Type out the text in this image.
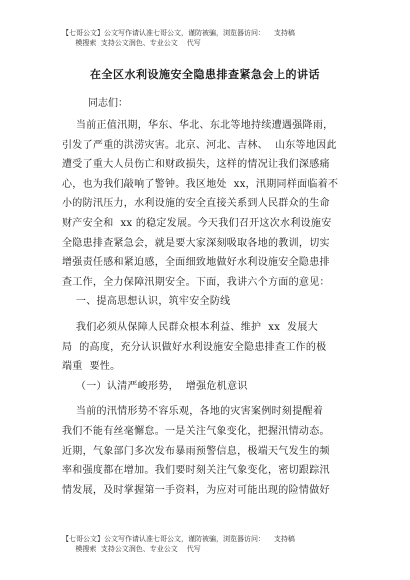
【七哥公文】公文写作请认准七哥公文，谨防被骗，浏览器访问：    支持稿
模搜索  支持公文润色、专业公文    代写
在全区水利设施安全隐患排查紧急会上的讲话
同志们：

当前正值汛期，华东、华北、东北等地持续遭遇强降雨，

引发了严重的洪涝灾害。北京、河北、吉林、  山东等地因此

遭受了重大人员伤亡和财政损失，这样的情况让我们深感痛

心，也为我们敲响了警钟。我区地处  xx，汛期同样面临着不

小的防汛压力，水利设施的安全直接关系到人民群众的生命

财产安全和  xx 的稳定发展。今天我们召开这次水利设施安

全隐患排查紧急会，就是要大家深刻吸取各地的教训，切实

增强责任感和紧迫感，全面细致地做好水利设施安全隐患排

查工作，全力保障汛期安全。下面，我讲六个方面的意见：

一、提高思想认识，筑牢安全防线

我们必须从保障人民群众根本利益、维护  xx  发展大

局  的高度，充分认识做好水利设施安全隐患排查工作的极

端重  要性。

（一）认清严峻形势，  增强危机意识

当前的汛情形势不容乐观，各地的灾害案例时刻提醒着

我们不能有丝毫懈怠。一是关注气象变化，把握汛情动态。

近期，气象部门多次发布暴雨预警信息，极端天气发生的频

率和强度都在增加。我们要时刻关注气象变化，密切跟踪汛

情发展，及时掌握第一手资料，为应对可能出现的险情做好

【七哥公文】公文写作请认准七哥公文，谨防被骗，浏览器访问：    支持稿
模搜索  支持公文润色、专业公文    代写
